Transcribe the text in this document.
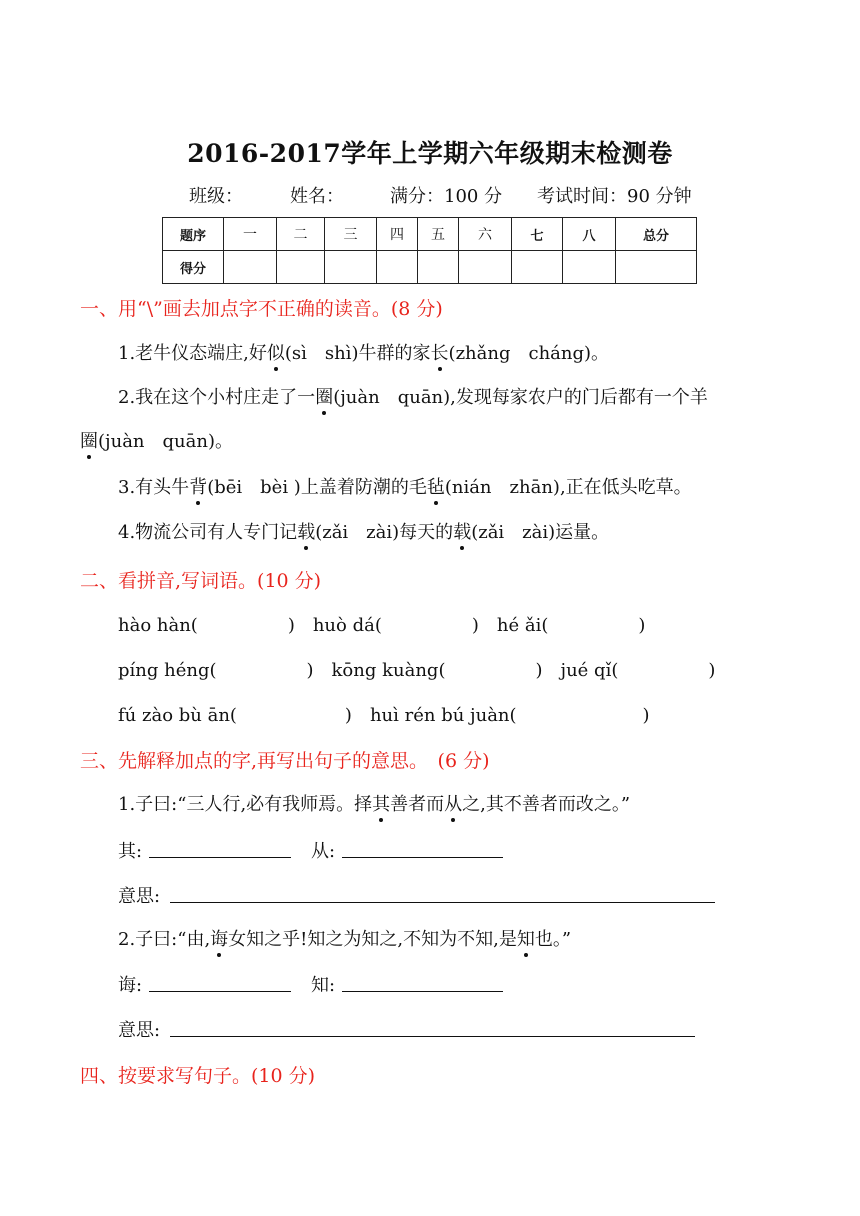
2016-2017学年上学期六年级期末检测卷
班级：	姓名：	满分：100 分 考试时间：90 分钟
题序	一	二	三	四	五	六	七	八	总分
得分									
一、用“\”画去加点字不正确的读音。(8 分)
1.老牛仪态端庄,好似(sì　shì)牛群的家长(zhǎng　cháng)。
2.我在这个小村庄走了一圈(juàn　quān),发现每家农户的门后都有一个羊
圈(juàn　quān)。
3.有头牛背(bēi　bèi )上盖着防潮的毛毡(nián　zhān),正在低头吃草。
4.物流公司有人专门记载(zǎi　zài)每天的载(zǎi　zài)运量。
二、看拼音,写词语。(10 分)
hào hàn(　　　　　)　huò dá(　　　　　)　hé ǎi(　　　　　)
píng héng(　　　　　)　kōng kuàng(　　　　　)　jué qǐ(　　　　　)
fú zào bù ān(　　　　　　)　huì rén bú juàn(　　　　　　　)
三、先解释加点的字,再写出句子的意思。　(6 分)
1.子曰:“三人行,必有我师焉。择其善者而从之,其不善者而改之。”
其:	从:
意思:
2.子曰:“由,诲女知之乎!知之为知之,不知为不知,是知也。”
诲:	知:
意思:
四、按要求写句子。(10 分)
